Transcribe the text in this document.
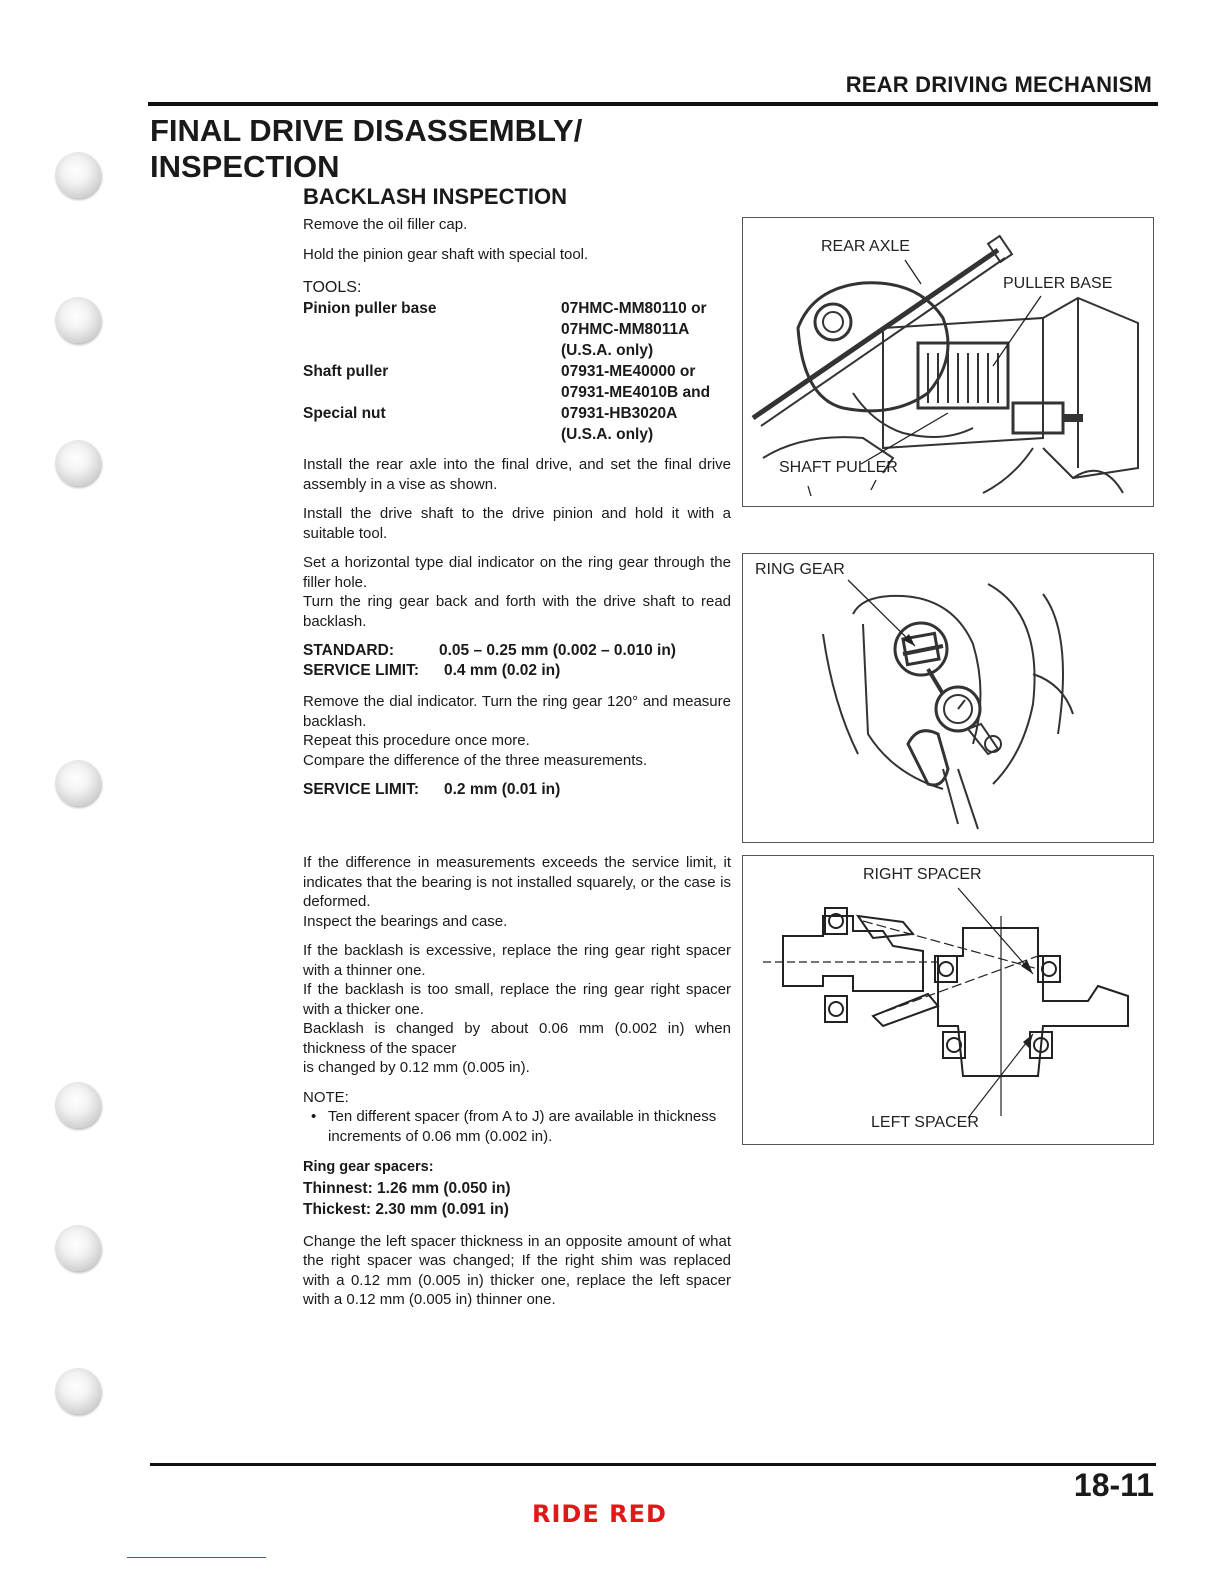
REAR DRIVING MECHANISM
FINAL DRIVE DISASSEMBLY/
INSPECTION
BACKLASH INSPECTION

Remove the oil filler cap.

Hold the pinion gear shaft with special tool.

TOOLS:
Pinion puller base	07HMC-MM80110 or
07HMC-MM8011A
(U.S.A. only)
Shaft puller	07931-ME40000 or
07931-ME4010B and
Special nut	07931-HB3020A
(U.S.A. only)

Install the rear axle into the final drive, and set the final drive assembly in a vise as shown.

Install the drive shaft to the drive pinion and hold it with a suitable tool.

Set a horizontal type dial indicator on the ring gear through the filler hole.

Turn the ring gear back and forth with the drive shaft to read backlash.

STANDARD:	0.05 – 0.25 mm (0.002 – 0.010 in)
SERVICE LIMIT: 0.4 mm (0.02 in)

Remove the dial indicator. Turn the ring gear 120° and measure backlash.

Repeat this procedure once more.

Compare the difference of the three measurements.

SERVICE LIMIT: 0.2 mm (0.01 in)

If the difference in measurements exceeds the service limit, it indicates that the bearing is not installed squarely, or the case is deformed.

Inspect the bearings and case.

If the backlash is excessive, replace the ring gear right spacer with a thinner one.

If the backlash is too small, replace the ring gear right spacer with a thicker one.

Backlash is changed by about 0.06 mm (0.002 in) when thickness of the spacer

is changed by 0.12 mm (0.005 in).

NOTE:

• Ten different spacer (from A to J) are available in thickness increments of 0.06 mm (0.002 in).
Ring gear spacers:
Thinnest: 1.26 mm (0.050 in)
Thickest: 2.30 mm (0.091 in)

Change the left spacer thickness in an opposite amount of what the right spacer was changed; If the right shim was replaced with a 0.12 mm (0.005 in) thicker one, replace the left spacer with a 0.12 mm (0.005 in) thinner one.

REAR AXLE
PULLER BASE
SHAFT PULLER
RING GEAR
RIGHT SPACER
LEFT SPACER
18-11
RIDE RED
